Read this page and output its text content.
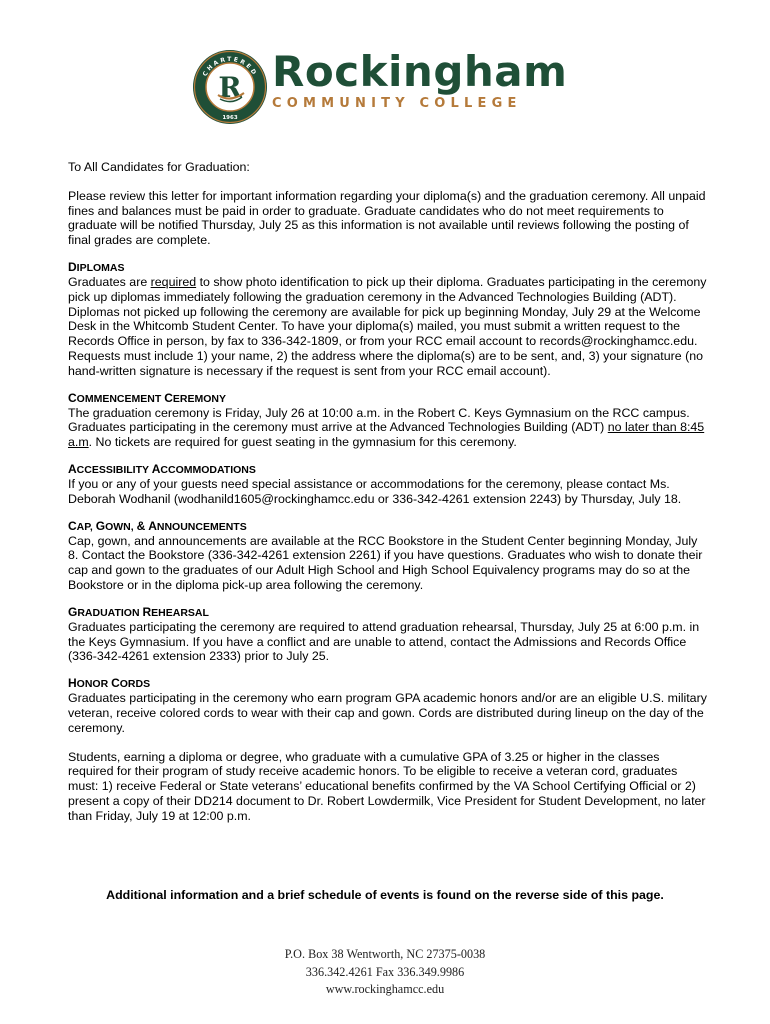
CHARTERED
1963
R Rockingham
COMMUNITY COLLEGE

To All Candidates for Graduation:

Please review this letter for important information regarding your diploma(s) and the graduation ceremony. All unpaid fines and balances must be paid in order to graduate. Graduate candidates who do not meet requirements to graduate will be notified Thursday, July 25 as this information is not available until reviews following the posting of final grades are complete.

DIPLOMAS

Graduates are required to show photo identification to pick up their diploma. Graduates participating in the ceremony pick up diplomas immediately following the graduation ceremony in the Advanced Technologies Building (ADT). Diplomas not picked up following the ceremony are available for pick up beginning Monday, July 29 at the Welcome Desk in the Whitcomb Student Center. To have your diploma(s) mailed, you must submit a written request to the Records Office in person, by fax to 336-342-1809, or from your RCC email account to records@rockinghamcc.edu. Requests must include 1) your name, 2) the address where the diploma(s) are to be sent, and, 3) your signature (no hand-written signature is necessary if the request is sent from your RCC email account).

COMMENCEMENT CEREMONY

The graduation ceremony is Friday, July 26 at 10:00 a.m. in the Robert C. Keys Gymnasium on the RCC campus. Graduates participating in the ceremony must arrive at the Advanced Technologies Building (ADT) no later than 8:45 a.m. No tickets are required for guest seating in the gymnasium for this ceremony.

ACCESSIBILITY ACCOMMODATIONS

If you or any of your guests need special assistance or accommodations for the ceremony, please contact Ms. Deborah Wodhanil (wodhanild1605@rockinghamcc.edu or 336-342-4261 extension 2243) by Thursday, July 18.

CAP, GOWN, & ANNOUNCEMENTS

Cap, gown, and announcements are available at the RCC Bookstore in the Student Center beginning Monday, July 8. Contact the Bookstore (336-342-4261 extension 2261) if you have questions. Graduates who wish to donate their cap and gown to the graduates of our Adult High School and High School Equivalency programs may do so at the Bookstore or in the diploma pick-up area following the ceremony.

GRADUATION REHEARSAL

Graduates participating the ceremony are required to attend graduation rehearsal, Thursday, July 25 at 6:00 p.m. in the Keys Gymnasium. If you have a conflict and are unable to attend, contact the Admissions and Records Office (336-342-4261 extension 2333) prior to July 25.

HONOR CORDS

Graduates participating in the ceremony who earn program GPA academic honors and/or are an eligible U.S. military veteran, receive colored cords to wear with their cap and gown. Cords are distributed during lineup on the day of the ceremony.

Students, earning a diploma or degree, who graduate with a cumulative GPA of 3.25 or higher in the classes required for their program of study receive academic honors. To be eligible to receive a veteran cord, graduates must: 1) receive Federal or State veterans’ educational benefits confirmed by the VA School Certifying Official or 2) present a copy of their DD214 document to Dr. Robert Lowdermilk, Vice President for Student Development, no later than Friday, July 19 at 12:00 p.m.

Additional information and a brief schedule of events is found on the reverse side of this page.
P.O. Box 38 Wentworth, NC 27375-0038
336.342.4261 Fax 336.349.9986
www.rockinghamcc.edu
